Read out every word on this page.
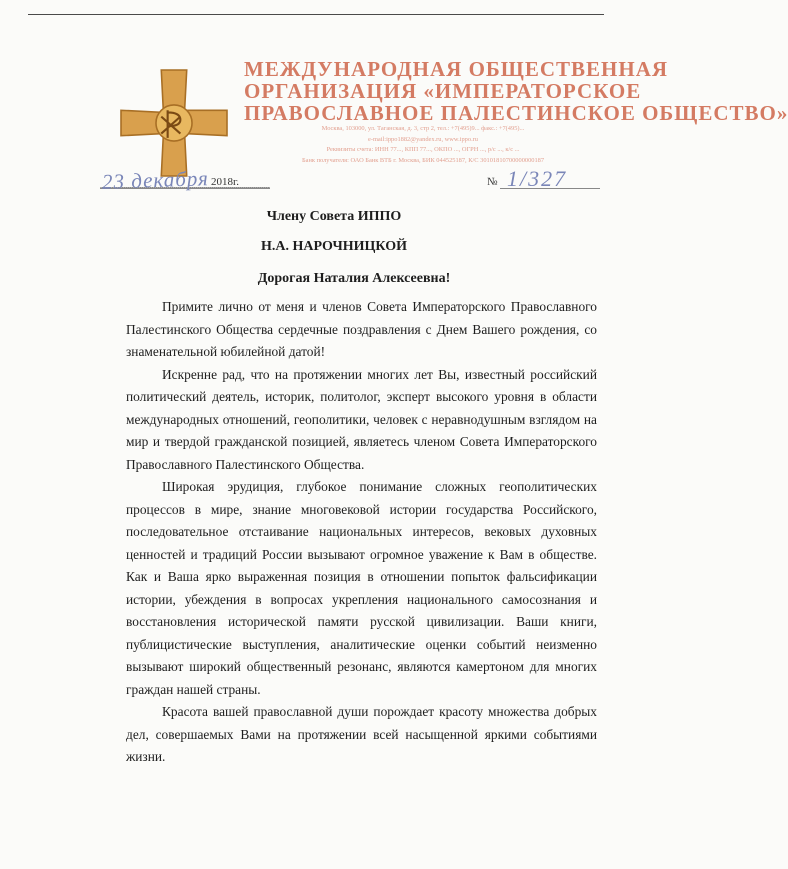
МЕЖДУНАРОДНАЯ ОБЩЕСТВЕННАЯ
ОРГАНИЗАЦИЯ «ИМПЕРАТОРСКОЕ
ПРАВОСЛАВНОЕ ПАЛЕСТИНСКОЕ ОБЩЕСТВО»
Москва, 103000, ул. Таганская, д. 3, стр 2, тел.: +7(495)9... факс.: +7(495)...
e-mail:ippo1882@yandex.ru, www.ippo.ru
Реквизиты счета: ИНН 77..., КПП 77..., ОКПО ..., ОГРН ..., р/с ..., к/с ...
Банк получателя: ОАО Банк ВТБ г. Москва, БИК 044525187, К/С 30101810700000000187
23 декабря 2018г.	№ 1/327
Члену Совета ИППО
Н.А. НАРОЧНИЦКОЙ
Дорогая Наталия Алексеевна!

Примите лично от меня и членов Совета Императорского Православного Палестинского Общества сердечные поздравления с Днем Вашего рождения, со знаменательной юбилейной датой!

Искренне рад, что на протяжении многих лет Вы, известный российский политический деятель, историк, политолог, эксперт высокого уровня в области международных отношений, геополитики, человек с неравнодушным взглядом на мир и твердой гражданской позицией, являетесь членом Совета Императорского Православного Палестинского Общества.

Широкая эрудиция, глубокое понимание сложных геополитических процессов в мире, знание многовековой истории государства Российского, последовательное отстаивание национальных интересов, вековых духовных ценностей и традиций России вызывают огромное уважение к Вам в обществе. Как и Ваша ярко выраженная позиция в отношении попыток фальсификации истории, убеждения в вопросах укрепления национального самосознания и восстановления исторической памяти русской цивилизации. Ваши книги, публицистические выступления, аналитические оценки событий неизменно вызывают широкий общественный резонанс, являются камертоном для многих граждан нашей страны.

Красота вашей православной души порождает красоту множества добрых дел, совершаемых Вами на протяжении всей насыщенной яркими событиями жизни.
